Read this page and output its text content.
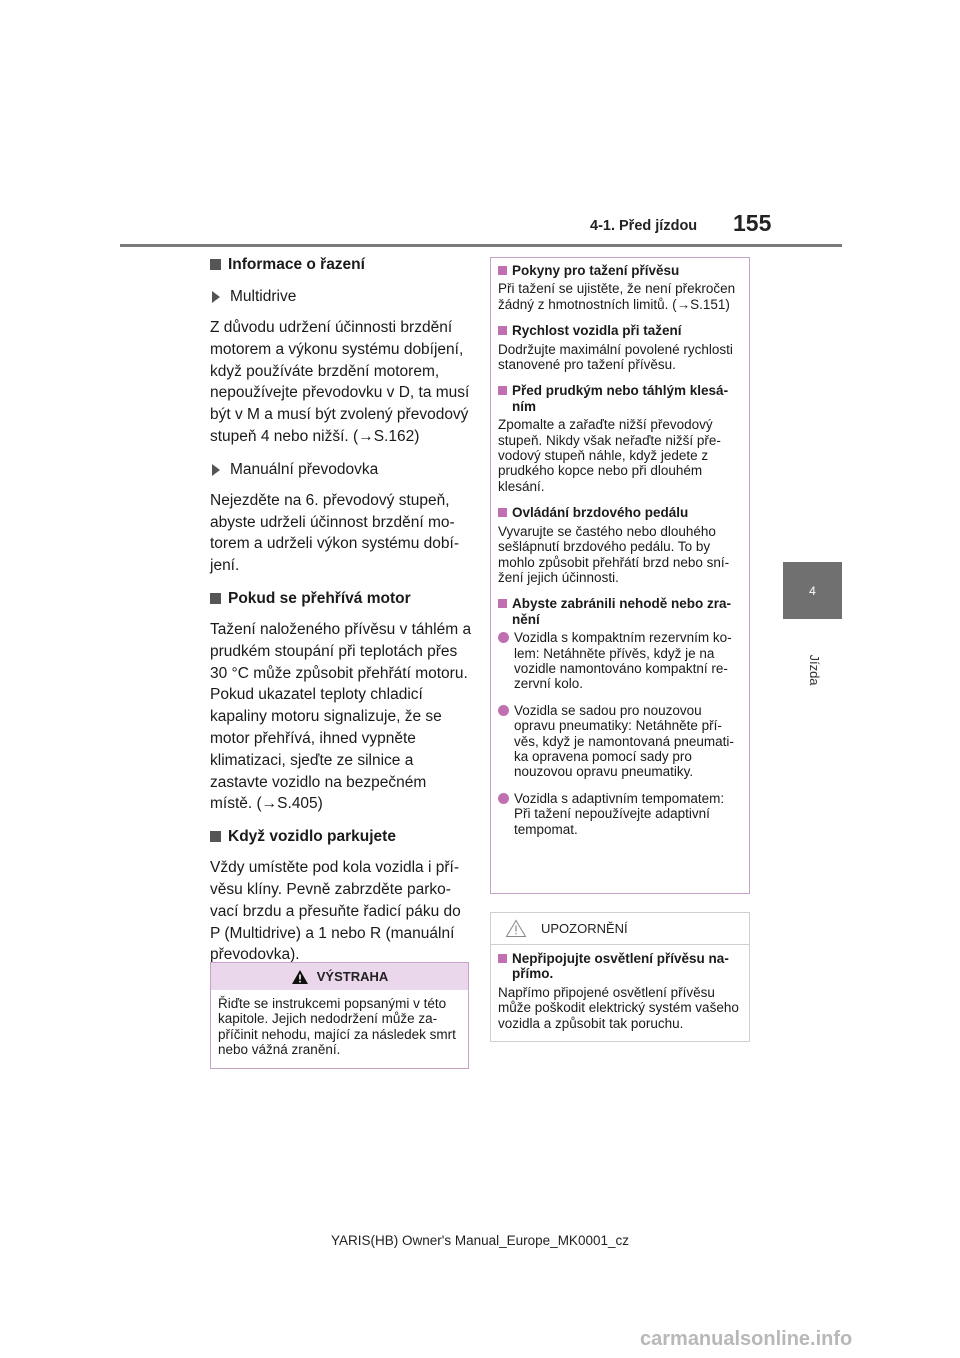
4-1. Před jízdou 155
4
Jízda
Informace o řazení
Multidrive

Z důvodu udržení účinnosti brzdění motorem a výkonu systému dobíjení, když používáte brzdění motorem, nepoužívejte převodovku v D, ta musí být v M a musí být zvolený převodový stupeň 4 nebo nižší. (→S.162)

Manuální převodovka

Nejezděte na 6. převodový stupeň, abyste udrželi účinnost brzdění motorem a udrželi výkon systému dobíjení.

Pokud se přehřívá motor

Tažení naloženého přívěsu v táhlém a prudkém stoupání při teplotách přes 30 °C může způsobit přehřátí motoru. Pokud ukazatel teploty chladicí kapaliny motoru signalizuje, že se motor přehřívá, ihned vypněte klimatizaci, sjeďte ze silnice a zastavte vozidlo na bezpečném místě. (→S.405)

Když vozidlo parkujete

Vždy umístěte pod kola vozidla i přívěsu klíny. Pevně zabrzděte parkovací brzdu a přesuňte řadicí páku do P (Multidrive) a 1 nebo R (manuální převodovka).

VÝSTRAHA
Řiďte se instrukcemi popsanými v této kapitole. Jejich nedodržení může zapříčinit nehodu, mající za následek smrt nebo vážná zranění.
Pokyny pro tažení přívěsu
Při tažení se ujistěte, že není překročen žádný z hmotnostních limitů. (→S.151)
Rychlost vozidla při tažení
Dodržujte maximální povolené rychlosti stanovené pro tažení přívěsu.
Před prudkým nebo táhlým klesáním
Zpomalte a zařaďte nižší převodový stupeň. Nikdy však neřaďte nižší převodový stupeň náhle, když jedete z prudkého kopce nebo při dlouhém klesání.
Ovládání brzdového pedálu
Vyvarujte se častého nebo dlouhého sešlápnutí brzdového pedálu. To by mohlo způsobit přehřátí brzd nebo snížení jejich účinnosti.
Abyste zabránili nehodě nebo zranění
Vozidla s kompaktním rezervním kolem: Netáhněte přívěs, když je na vozidle namontováno kompaktní rezervní kolo.
Vozidla se sadou pro nouzovou opravu pneumatiky: Netáhněte přívěs, když je namontovaná pneumatika opravena pomocí sady pro nouzovou opravu pneumatiky.
Vozidla s adaptivním tempomatem: Při tažení nepoužívejte adaptivní tempomat.
UPOZORNĚNÍ
Nepřipojujte osvětlení přívěsu napřímo.
Napřímo připojené osvětlení přívěsu může poškodit elektrický systém vašeho vozidla a způsobit tak poruchu.
YARIS(HB) Owner's Manual_Europe_MK0001_cz
carmanualsonline.info
